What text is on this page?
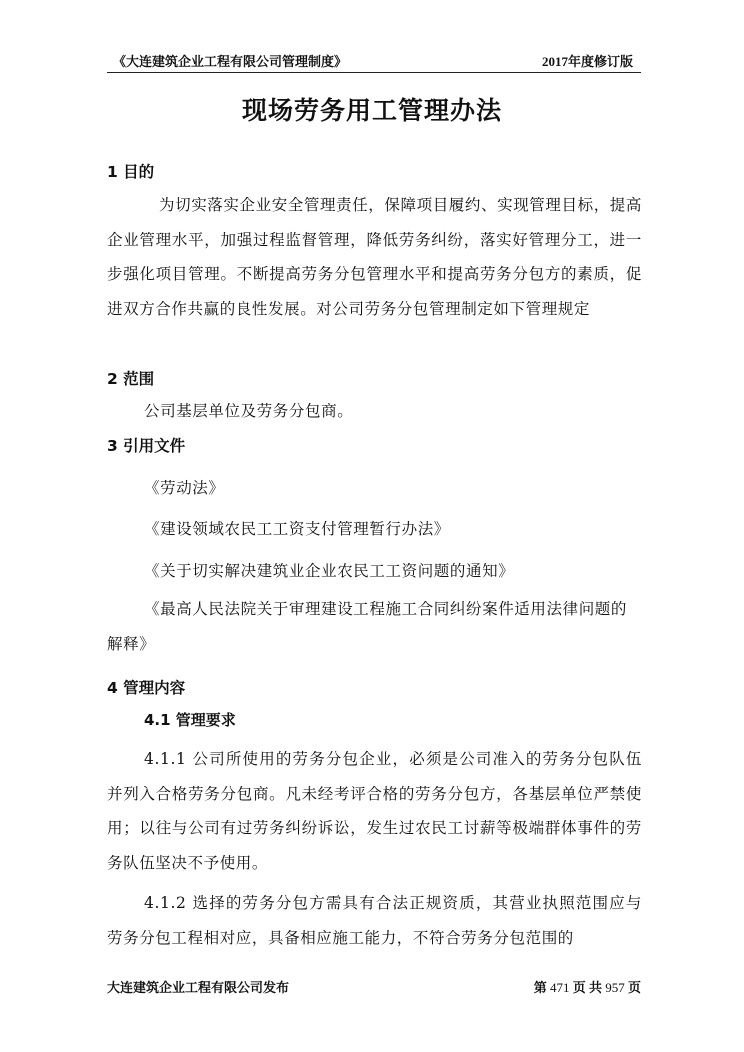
《大连建筑企业工程有限公司管理制度》	2017年度修订版
现场劳务用工管理办法
1 目的
为切实落实企业安全管理责任，保障项目履约、实现管理目标，提高企业管理水平，加强过程监督管理，降低劳务纠纷，落实好管理分工，进一步强化项目管理。不断提高劳务分包管理水平和提高劳务分包方的素质，促进双方合作共赢的良性发展。对公司劳务分包管理制定如下管理规定
2 范围
公司基层单位及劳务分包商。
3 引用文件
《劳动法》
《建设领域农民工工资支付管理暂行办法》
《关于切实解决建筑业企业农民工工资问题的通知》
《最高人民法院关于审理建设工程施工合同纠纷案件适用法律问题的解释》
4 管理内容
4.1 管理要求
4.1.1 公司所使用的劳务分包企业，必须是公司准入的劳务分包队伍并列入合格劳务分包商。凡未经考评合格的劳务分包方，各基层单位严禁使用；以往与公司有过劳务纠纷诉讼，发生过农民工讨薪等极端群体事件的劳务队伍坚决不予使用。
4.1.2 选择的劳务分包方需具有合法正规资质，其营业执照范围应与劳务分包工程相对应，具备相应施工能力，不符合劳务分包范围的
大连建筑企业工程有限公司发布	第 471 页 共 957 页
